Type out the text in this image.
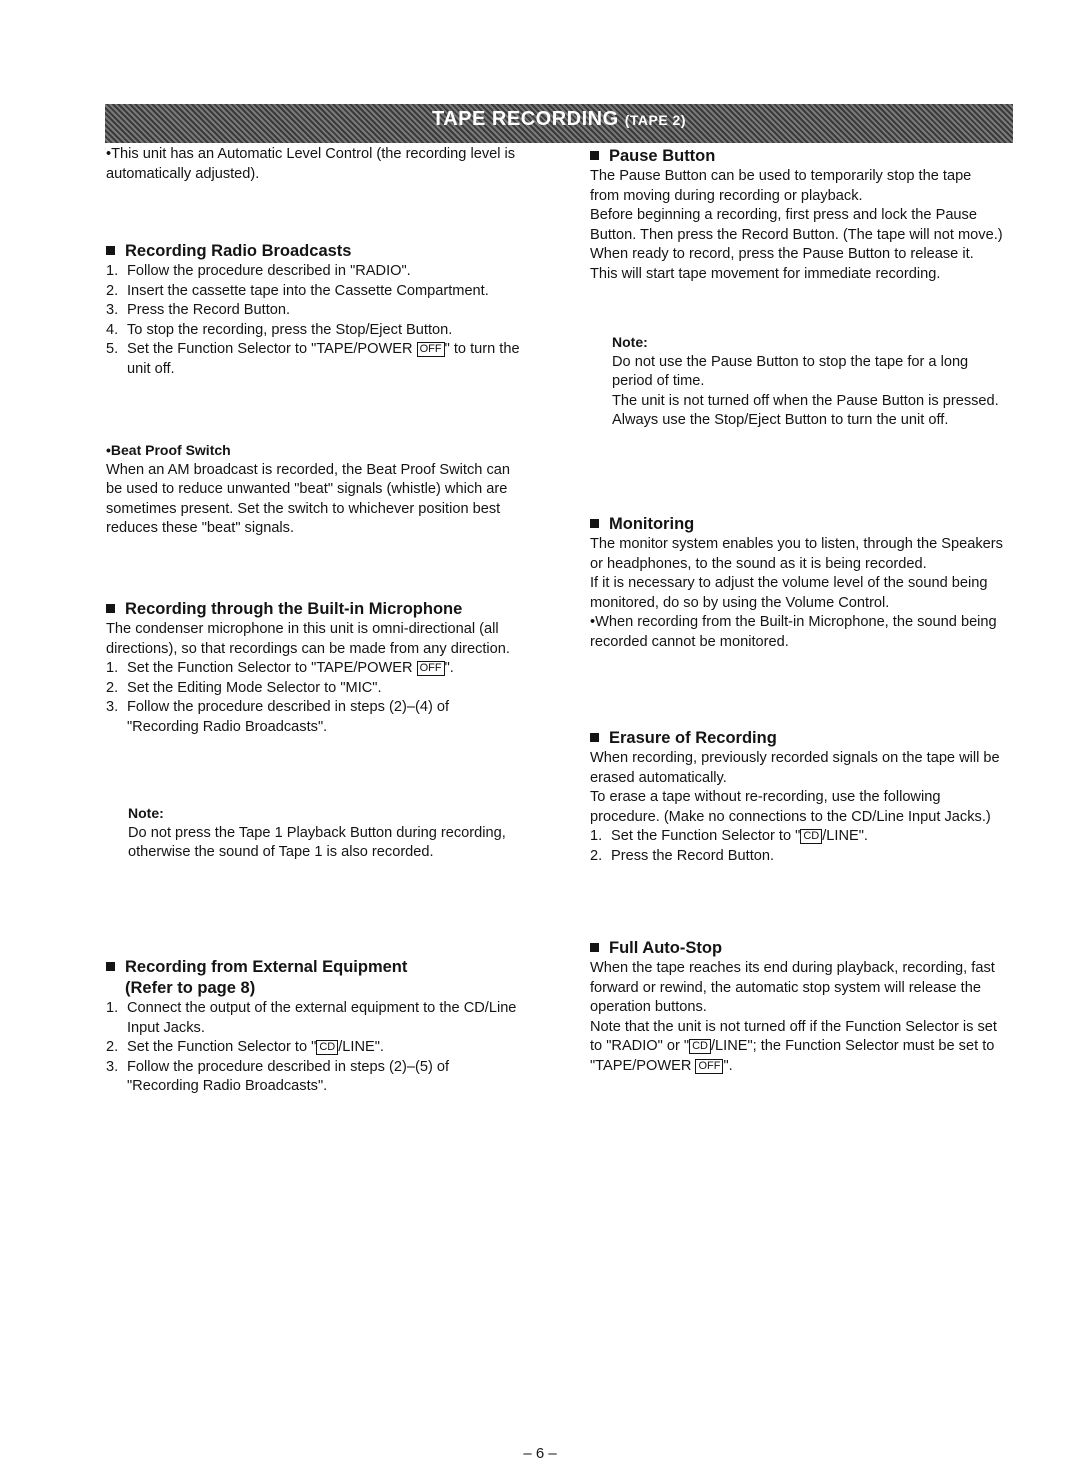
TAPE RECORDING (TAPE 2)

•This unit has an Automatic Level Control (the recording level is automatically adjusted).

Recording Radio Broadcasts
1. Follow the procedure described in "RADIO".
2. Insert the cassette tape into the Cassette Compartment.
3. Press the Record Button.
4. To stop the recording, press the Stop/Eject Button.
5. Set the Function Selector to "TAPE/POWER OFF " to turn the unit off.
•Beat Proof Switch

When an AM broadcast is recorded, the Beat Proof Switch can be used to reduce unwanted "beat" signals (whistle) which are sometimes present. Set the switch to whichever position best reduces these "beat" signals.

Recording through the Built-in Microphone

The condenser microphone in this unit is omni-directional (all directions), so that recordings can be made from any direction.

1. Set the Function Selector to "TAPE/POWER OFF ".
2. Set the Editing Mode Selector to "MIC".
3. Follow the procedure described in steps (2)–(4) of "Recording Radio Broadcasts".
Note:

Do not press the Tape 1 Playback Button during recording, otherwise the sound of Tape 1 is also recorded.

Recording from External Equipment
(Refer to page 8)
1. Connect the output of the external equipment to the CD/Line Input Jacks.
2. Set the Function Selector to " CD /LINE".
3. Follow the procedure described in steps (2)–(5) of "Recording Radio Broadcasts".
Pause Button

The Pause Button can be used to temporarily stop the tape from moving during recording or playback.

Before beginning a recording, first press and lock the Pause Button. Then press the Record Button. (The tape will not move.)

When ready to record, press the Pause Button to release it. This will start tape movement for immediate recording.

Note:

Do not use the Pause Button to stop the tape for a long period of time.

The unit is not turned off when the Pause Button is pressed. Always use the Stop/Eject Button to turn the unit off.

Monitoring

The monitor system enables you to listen, through the Speakers or headphones, to the sound as it is being recorded.

If it is necessary to adjust the volume level of the sound being monitored, do so by using the Volume Control.

•When recording from the Built-in Microphone, the sound being recorded cannot be monitored.

Erasure of Recording

When recording, previously recorded signals on the tape will be erased automatically.

To erase a tape without re-recording, use the following procedure. (Make no connections to the CD/Line Input Jacks.)

1. Set the Function Selector to " CD /LINE".
2. Press the Record Button.
Full Auto-Stop

When the tape reaches its end during playback, recording, fast forward or rewind, the automatic stop system will release the operation buttons.

Note that the unit is not turned off if the Function Selector is set to "RADIO" or " CD /LINE"; the Function Selector must be set to "TAPE/POWER OFF ".

– 6 –
